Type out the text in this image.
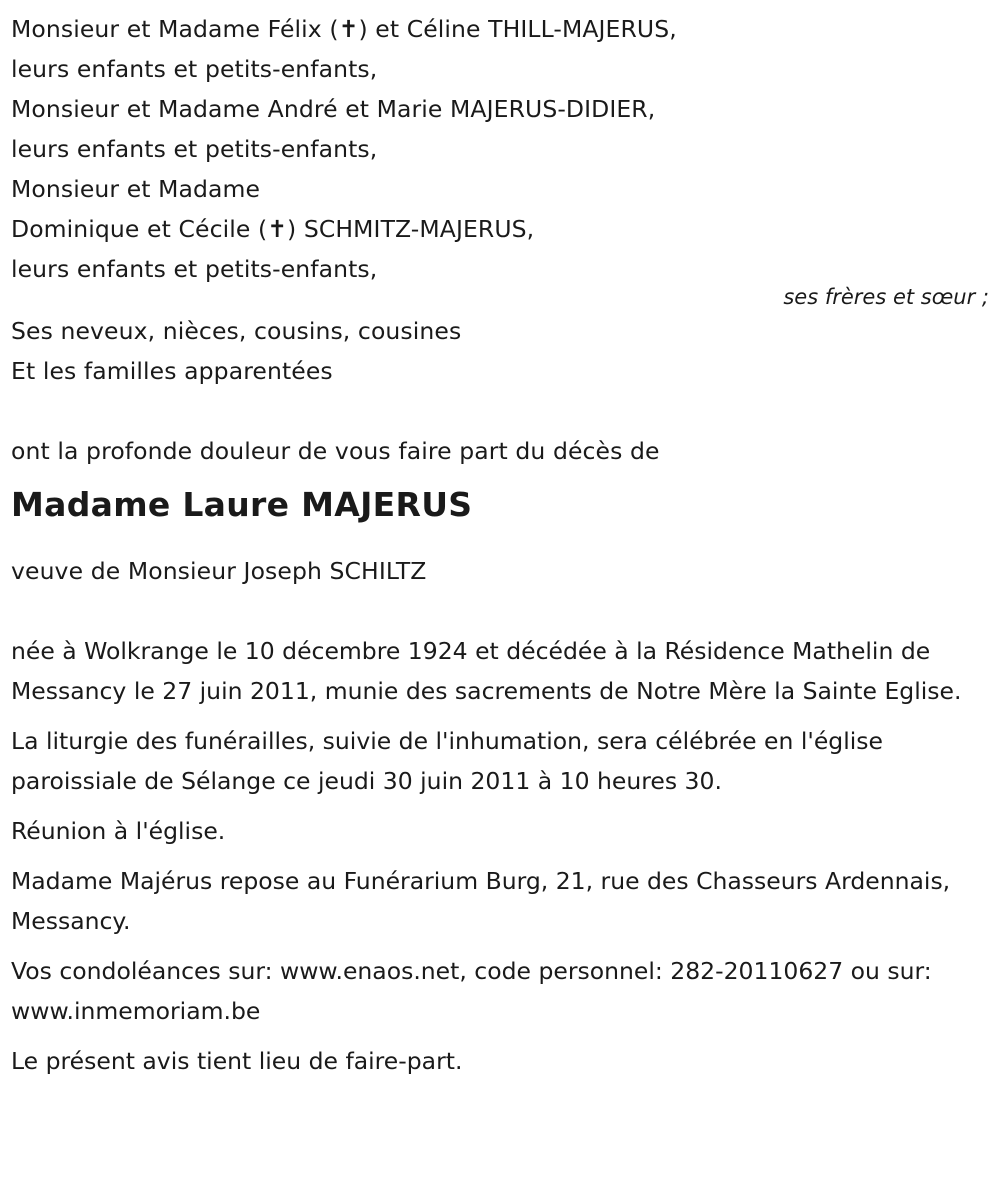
Monsieur et Madame Félix (✝) et Céline THILL-MAJERUS,
leurs enfants et petits-enfants,
Monsieur et Madame André et Marie MAJERUS-DIDIER,
leurs enfants et petits-enfants,
Monsieur et Madame
Dominique et Cécile (✝) SCHMITZ-MAJERUS,
leurs enfants et petits-enfants,
ses frères et sœur ;
Ses neveux, nièces, cousins, cousines
Et les familles apparentées
ont la profonde douleur de vous faire part du décès de
Madame Laure MAJERUS
veuve de Monsieur Joseph SCHILTZ
née à Wolkrange le 10 décembre 1924 et décédée à la Résidence Mathelin de Messancy le 27 juin 2011, munie des sacrements de Notre Mère la Sainte Eglise.
La liturgie des funérailles, suivie de l'inhumation, sera célébrée en l'église paroissiale de Sélange ce jeudi 30 juin 2011 à 10 heures 30.
Réunion à l'église.
Madame Majérus repose au Funérarium Burg, 21, rue des Chasseurs Ardennais, Messancy.
Vos condoléances sur: www.enaos.net, code personnel: 282-20110627 ou sur: www.inmemoriam.be
Le présent avis tient lieu de faire-part.
